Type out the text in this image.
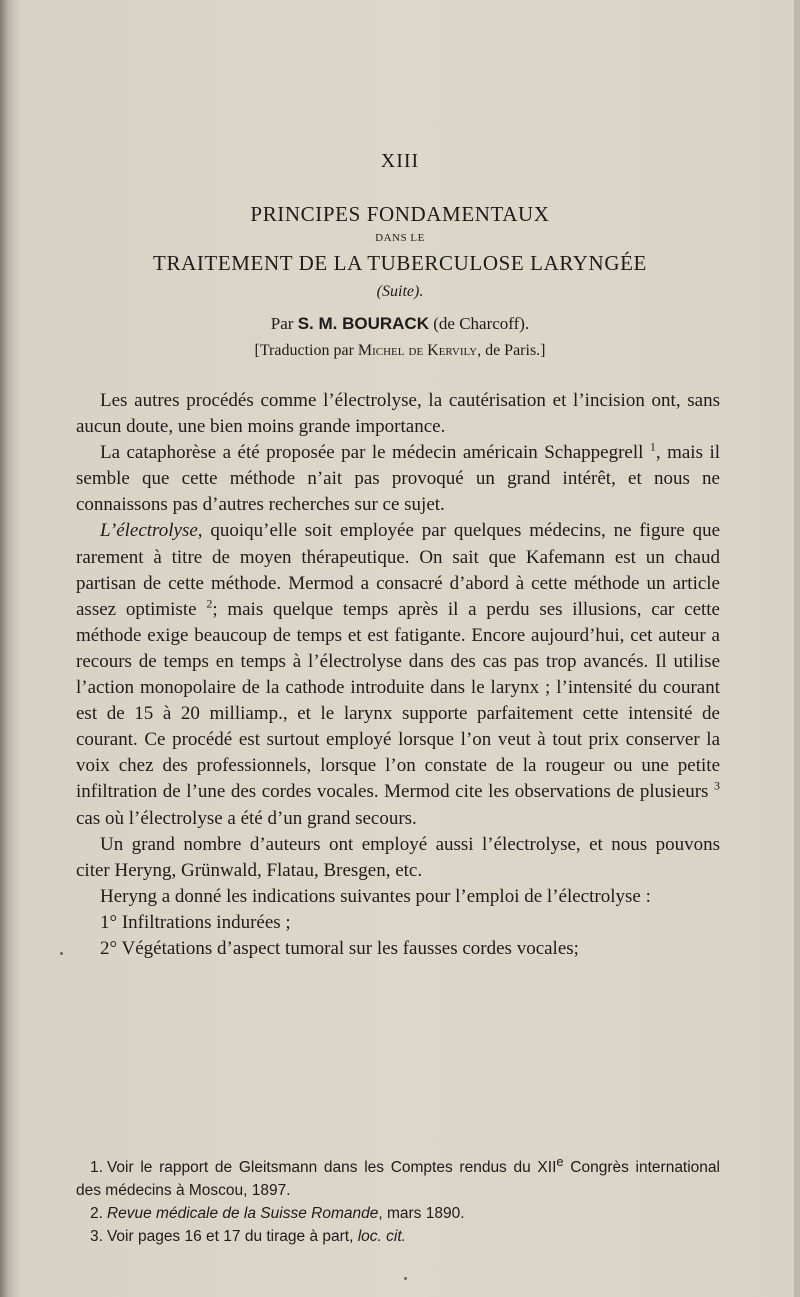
XIII
PRINCIPES FONDAMENTAUX
DANS LE
TRAITEMENT DE LA TUBERCULOSE LARYNGÉE
(Suite).
Par S. M. BOURACK (de Charcoff).
[Traduction par Michel de Kervily, de Paris.]

Les autres procédés comme l’électrolyse, la cautérisation et l’incision ont, sans aucun doute, une bien moins grande importance.

La cataphorèse a été proposée par le médecin américain Schappegrell $^1$, mais il semble que cette méthode n’ait pas provoqué un grand intérêt, et nous ne connaissons pas d’autres recherches sur ce sujet.

L’électrolyse, quoiqu’elle soit employée par quelques médecins, ne figure que rarement à titre de moyen thérapeutique. On sait que Kafemann est un chaud partisan de cette méthode. Mermod a consacré d’abord à cette méthode un article assez optimiste $^2$; mais quelque temps après il a perdu ses illusions, car cette méthode exige beaucoup de temps et est fatigante. Encore aujourd’hui, cet auteur a recours de temps en temps à l’électrolyse dans des cas pas trop avancés. Il utilise l’action monopolaire de la cathode introduite dans le larynx ; l’intensité du courant est de 15 à 20 milliamp., et le larynx supporte parfaitement cette intensité de courant. Ce procédé est surtout employé lorsque l’on veut à tout prix conserver la voix chez des professionnels, lorsque l’on constate de la rougeur ou une petite infiltration de l’une des cordes vocales. Mermod cite les observations de plusieurs $^3$ cas où l’électrolyse a été d’un grand secours.

Un grand nombre d’auteurs ont employé aussi l’électrolyse, et nous pouvons citer Heryng, Grünwald, Flatau, Bresgen, etc.

Heryng a donné les indications suivantes pour l’emploi de l’électrolyse :

1° Infiltrations indurées ;

2° Végétations d’aspect tumoral sur les fausses cordes vocales;

1. Voir le rapport de Gleitsmann dans les Comptes rendus du XIIe Congrès international des médecins à Moscou, 1897.

2. Revue médicale de la Suisse Romande, mars 1890.

3. Voir pages 16 et 17 du tirage à part, loc. cit.
